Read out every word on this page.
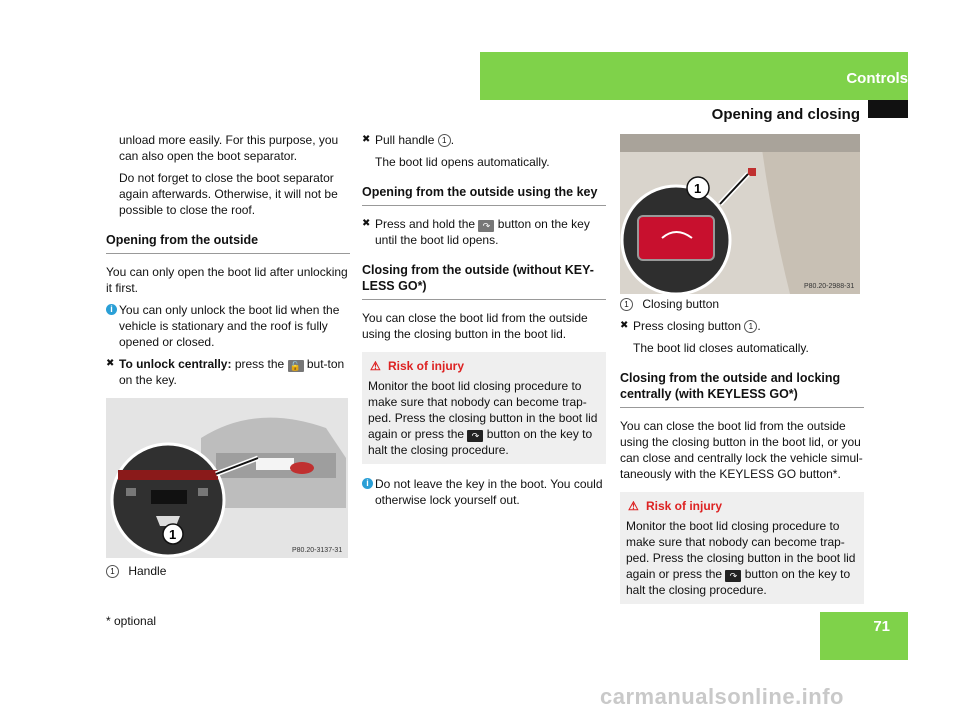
Controls
Opening and closing

unload more easily. For this purpose, you can also open the boot separator.

Do not forget to close the boot separator again afterwards. Otherwise, it will not be possible to close the roof.

Opening from the outside

You can only open the boot lid after unlocking it first.

i You can only unlock the boot lid when the vehicle is stationary and the roof is fully opened or closed.
✖ To unlock centrally: press the 🔓 but-ton on the key.
1
P80.20-3137-31
1 Handle
✖ Pull handle 1 .

The boot lid opens automatically.

Opening from the outside using the key
✖ Press and hold the ↷ button on the key until the boot lid opens.
Closing from the outside (without KEY-LESS GO*)

You can close the boot lid from the outside using the closing button in the boot lid.

⚠ Risk of injury
Monitor the boot lid closing procedure to make sure that nobody can become trap-ped. Press the closing button in the boot lid again or press the ↷ button on the key to halt the closing procedure.
i Do not leave the key in the boot. You could otherwise lock yourself out.
1
P80.20-2988-31

1 Closing button

✖ Press closing button 1 .

The boot lid closes automatically.

Closing from the outside and locking centrally (with KEYLESS GO*)

You can close the boot lid from the outside using the closing button in the boot lid, or you can close and centrally lock the vehicle simul-taneously with the KEYLESS GO button*.

⚠ Risk of injury
Monitor the boot lid closing procedure to make sure that nobody can become trap-ped. Press the closing button in the boot lid again or press the ↷ button on the key to halt the closing procedure.
* optional	71
carmanualsonline.info
